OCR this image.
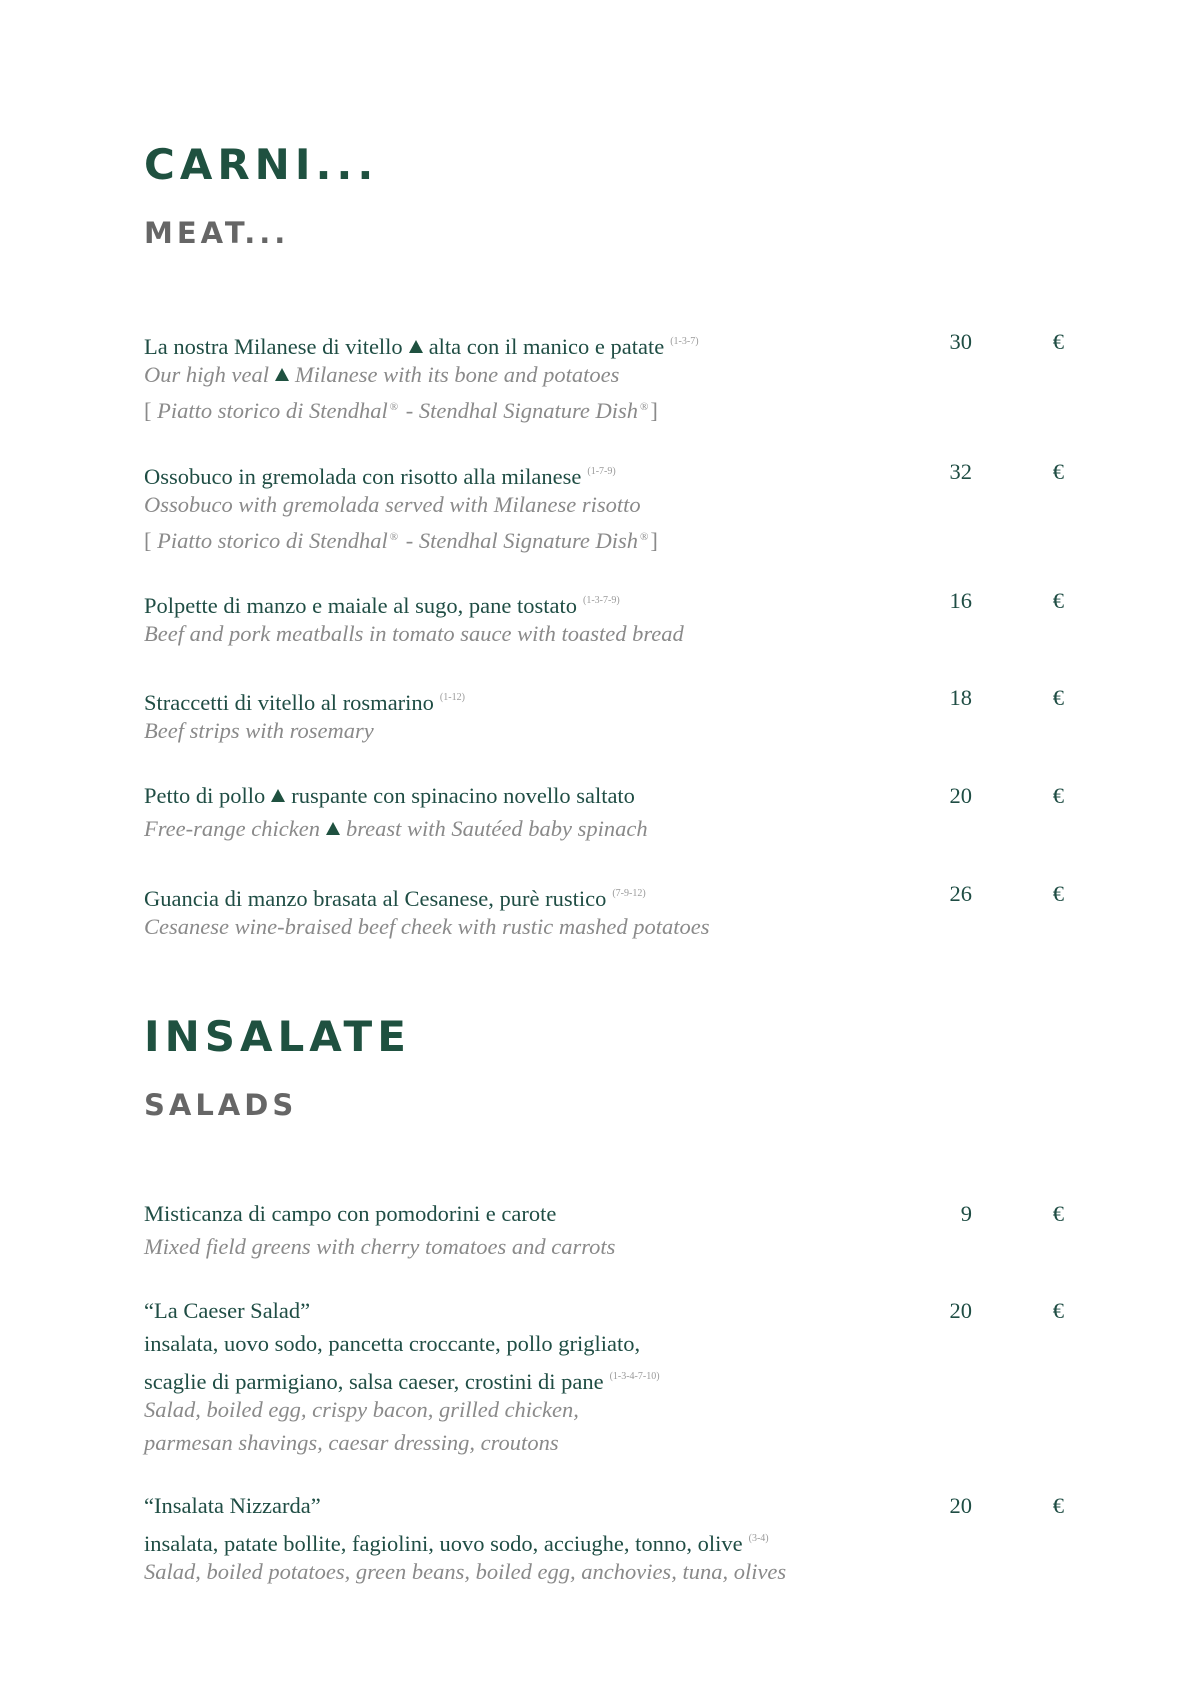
CARNI...
MEAT...
La nostra Milanese di vitello alta con il manico e patate $^{(1-3-7)}$
Our high veal Milanese with its bone and potatoes
[ Piatto storico di Stendhal ® - Stendhal Signature Dish ®]
30	€
Ossobuco in gremolada con risotto alla milanese $^{(1-7-9)}$
Ossobuco with gremolada served with Milanese risotto
[ Piatto storico di Stendhal ® - Stendhal Signature Dish ®]
32	€
Polpette di manzo e maiale al sugo, pane tostato $^{(1-3-7-9)}$
Beef and pork meatballs in tomato sauce with toasted bread
16	€
Straccetti di vitello al rosmarino $^{(1-12)}$
Beef strips with rosemary
18	€
Petto di pollo ruspante con spinacino novello saltato
Free-range chicken breast with Sautéed baby spinach
20	€
Guancia di manzo brasata al Cesanese, purè rustico $^{(7-9-12)}$
Cesanese wine-braised beef cheek with rustic mashed potatoes
26	€
INSALATE
SALADS
Misticanza di campo con pomodorini e carote
Mixed field greens with cherry tomatoes and carrots
9	€
“La Caeser Salad”
insalata, uovo sodo, pancetta croccante, pollo grigliato,
scaglie di parmigiano, salsa caeser, crostini di pane $^{(1-3-4-7-10)}$
Salad, boiled egg, crispy bacon, grilled chicken,
parmesan shavings, caesar dressing, croutons
20	€
“Insalata Nizzarda”
insalata, patate bollite, fagiolini, uovo sodo, acciughe, tonno, olive $^{(3-4)}$
Salad, boiled potatoes, green beans, boiled egg, anchovies, tuna, olives
20	€
